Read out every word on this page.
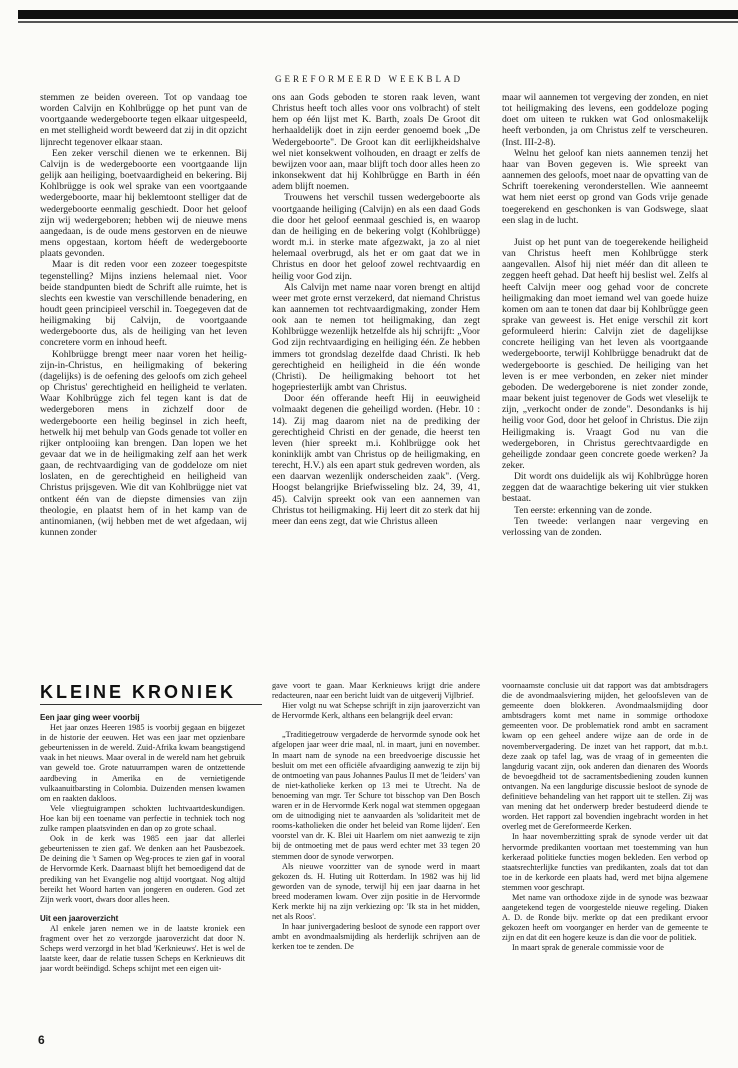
GEREFORMEERD WEEKBLAD

stemmen ze beiden overeen. Tot op vandaag toe worden Calvijn en Kohlbrügge op het punt van de voortgaande wedergeboorte tegen elkaar uitgespeeld, en met stelligheid wordt beweerd dat zij in dit opzicht lijnrecht tegenover elkaar staan.

Een zeker verschil dienen we te erkennen. Bij Calvijn is de wedergeboorte een voortgaande lijn gelijk aan heiliging, boetvaardigheid en bekering. Bij Kohlbrügge is ook wel sprake van een voortgaande wedergeboorte, maar hij beklemtoont stelliger dat de wedergeboorte eenmalig geschiedt. Door het geloof zijn wij wedergeboren; hebben wij de nieuwe mens aangedaan, is de oude mens gestorven en de nieuwe mens opgestaan, kortom héeft de wedergeboorte plaats gevonden.

Maar is dit reden voor een zozeer toegespitste tegenstelling? Mijns inziens helemaal niet. Voor beide standpunten biedt de Schrift alle ruimte, het is slechts een kwestie van verschillende benadering, en houdt geen principieel verschil in. Toegegeven dat de heiligmaking bij Calvijn, de voortgaande wedergeboorte dus, als de heiliging van het leven concretere vorm en inhoud heeft.

Kohlbrügge brengt meer naar voren het heilig-zijn-in-Christus, en heiligmaking of bekering (dagelijks) is de oefening des geloofs om zich geheel op Christus' gerechtigheid en heiligheid te verlaten. Waar Kohlbrügge zich fel tegen kant is dat de wedergeboren mens in zichzelf door de wedergeboorte een heilig beginsel in zich heeft, hetwelk hij met behulp van Gods genade tot voller en rijker ontplooiing kan brengen. Dan lopen we het gevaar dat we in de heiligmaking zelf aan het werk gaan, de rechtvaardiging van de goddeloze om niet loslaten, en de gerechtigheid en heiligheid van Christus prijsgeven. Wie dit van Kohlbrügge niet vat ontkent één van de diepste dimensies van zijn theologie, en plaatst hem of in het kamp van de antinomianen, (wij hebben met de wet afgedaan, wij kunnen zonder

ons aan Gods geboden te storen raak leven, want Christus heeft toch alles voor ons volbracht) of stelt hem op één lijst met K. Barth, zoals De Groot dit herhaaldelijk doet in zijn eerder genoemd boek „De Wedergeboorte". De Groot kan dit eerlijkheidshalve wel niet konsekwent volhouden, en draagt er zelfs de bewijzen voor aan, maar blijft toch door alles heen zo inkonsekwent dat hij Kohlbrügge en Barth in één adem blijft noemen.

Trouwens het verschil tussen wedergeboorte als voortgaande heiliging (Calvijn) en als een daad Gods die door het geloof eenmaal geschied is, en waarop dan de heiliging en de bekering volgt (Kohlbrügge) wordt m.i. in sterke mate afgezwakt, ja zo al niet helemaal overbrugd, als het er om gaat dat we in Christus en door het geloof zowel rechtvaardig en heilig voor God zijn.

Als Calvijn met name naar voren brengt en altijd weer met grote ernst verzekerd, dat niemand Christus kan aannemen tot rechtvaardigmaking, zonder Hem ook aan te nemen tot heiligmaking, dan zegt Kohlbrügge wezenlijk hetzelfde als hij schrijft: „Voor God zijn rechtvaardiging en heiliging één. Ze hebben immers tot grondslag dezelfde daad Christi. Ik heb gerechtigheid en heiligheid in die één wonde (Christi). De heiligmaking behoort tot het hogepriesterlijk ambt van Christus.

Door één offerande heeft Hij in eeuwigheid volmaakt degenen die geheiligd worden. (Hebr. 10 : 14). Zij mag daarom niet na de prediking der gerechtigheid Christi en der genade, die heerst ten leven (hier spreekt m.i. Kohlbrügge ook het koninklijk ambt van Christus op de heiligmaking, en terecht, H.V.) als een apart stuk gedreven worden, als een daarvan wezenlijk onderscheiden zaak". (Verg. Hoogst belangrijke Briefwisseling blz. 24, 39, 41, 45). Calvijn spreekt ook van een aannemen van Christus tot heiligmaking. Hij leert dit zo sterk dat hij meer dan eens zegt, dat wie Christus alleen

maar wil aannemen tot vergeving der zonden, en niet tot heiligmaking des levens, een goddeloze poging doet om uiteen te rukken wat God onlosmakelijk heeft verbonden, ja om Christus zelf te verscheuren. (Inst. III-2-8).

Welnu het geloof kan niets aannemen tenzij het haar van Boven gegeven is. Wie spreekt van aannemen des geloofs, moet naar de opvatting van de Schrift toerekening veronderstellen. Wie aanneemt wat hem niet eerst op grond van Gods vrije genade toegerekend en geschonken is van Godswege, slaat een slag in de lucht.

Juist op het punt van de toegerekende heiligheid van Christus heeft men Kohlbrügge sterk aangevallen. Alsof hij niet méér dan dit alleen te zeggen heeft gehad. Dat heeft hij beslist wel. Zelfs al heeft Calvijn meer oog gehad voor de concrete heiligmaking dan moet iemand wel van goede huize komen om aan te tonen dat daar bij Kohlbrügge geen sprake van geweest is. Het enige verschil zit kort geformuleerd hierin: Calvijn ziet de dagelijkse concrete heiliging van het leven als voortgaande wedergeboorte, terwijl Kohlbrügge benadrukt dat de wedergeboorte is geschied. De heiliging van het leven is er mee verbonden, en zeker niet minder geboden. De wedergeborene is niet zonder zonde, maar bekent juist tegenover de Gods wet vleselijk te zijn, „verkocht onder de zonde". Desondanks is hij heilig voor God, door het geloof in Christus. Die zijn Heiligmaking is. Vraagt God nu van die wedergeboren, in Christus gerechtvaardigde en geheiligde zondaar geen concrete goede werken? Ja zeker.

Dit wordt ons duidelijk als wij Kohlbrügge horen zeggen dat de waarachtige bekering uit vier stukken bestaat.

Ten eerste: erkenning van de zonde.

Ten tweede: verlangen naar vergeving en verlossing van de zonden.

KLEINE KRONIEK

Een jaar ging weer voorbij

Het jaar onzes Heeren 1985 is voorbij gegaan en bijgezet in de historie der eeuwen. Het was een jaar met opzienbare gebeurtenissen in de wereld. Zuid-Afrika kwam beangstigend vaak in het nieuws. Maar overal in de wereld nam het gebruik van geweld toe. Grote natuurrampen waren de ontzettende aardbeving in Amerika en de vernietigende vulkaanuitbarsting in Colombia. Duizenden mensen kwamen om en raakten dakloos.

Vele vliegtuigrampen schokten luchtvaartdeskundigen. Hoe kan bij een toename van perfectie in techniek toch nog zulke rampen plaatsvinden en dan op zo grote schaal.

Ook in de kerk was 1985 een jaar dat allerlei gebeurtenissen te zien gaf. We denken aan het Pausbezoek. De deining die 't Samen op Weg-proces te zien gaf in vooral de Hervormde Kerk. Daarnaast blijft het bemoedigend dat de prediking van het Evangelie nog altijd voortgaat. Nog altijd bereikt het Woord harten van jongeren en ouderen. God zet Zijn werk voort, dwars door alles heen.

Uit een jaaroverzicht

Al enkele jaren nemen we in de laatste kroniek een fragment over het zo verzorgde jaaroverzicht dat door N. Scheps werd verzorgd in het blad 'Kerknieuws'. Het is wel de laatste keer, daar de relatie tussen Scheps en Kerknieuws dit jaar wordt beëindigd. Scheps schijnt met een eigen uit-

gave voort te gaan. Maar Kerknieuws krijgt drie andere redacteuren, naar een bericht luidt van de uitgeverij Vijlbrief.

Hier volgt nu wat Schepse schrijft in zijn jaaroverzicht van de Hervormde Kerk, althans een belangrijk deel ervan:

„Traditiegetrouw vergaderde de hervormde synode ook het afgelopen jaar weer drie maal, nl. in maart, juni en november. In maart nam de synode na een breedvoerige discussie het besluit om met een officiële afvaardiging aanwezig te zijn bij de ontmoeting van paus Johannes Paulus II met de 'leiders' van de niet-katholieke kerken op 13 mei te Utrecht. Na de benoeming van mgr. Ter Schure tot bisschop van Den Bosch waren er in de Hervormde Kerk nogal wat stemmen opgegaan om de uitnodiging niet te aanvaarden als 'solidariteit met de rooms-katholieken die onder het beleid van Rome lijden'. Een voorstel van dr. K. Blei uit Haarlem om niet aanwezig te zijn bij de ontmoeting met de paus werd echter met 33 tegen 20 stemmen door de synode verworpen.

Als nieuwe voorzitter van de synode werd in maart gekozen ds. H. Huting uit Rotterdam. In 1982 was hij lid geworden van de synode, terwijl hij een jaar daarna in het breed moderamen kwam. Over zijn positie in de Hervormde Kerk merkte hij na zijn verkiezing op: 'Ik sta in het midden, net als Roos'.

In haar junivergadering besloot de synode een rapport over ambt en avondmaalsmijding als herderlijk schrijven aan de kerken toe te zenden. De

voornaamste conclusie uit dat rapport was dat ambtsdragers die de avondmaalsviering mijden, het geloofsleven van de gemeente doen blokkeren. Avondmaalsmijding door ambtsdragers komt met name in sommige orthodoxe gemeenten voor. De problematiek rond ambt en sacrament kwam op een geheel andere wijze aan de orde in de novembervergadering. De inzet van het rapport, dat m.b.t. deze zaak op tafel lag, was de vraag of in gemeenten die langdurig vacant zijn, ook anderen dan dienaren des Woords de bevoegdheid tot de sacramentsbediening zouden kunnen ontvangen. Na een langdurige discussie besloot de synode de definitieve behandeling van het rapport uit te stellen. Zij was van mening dat het onderwerp breder bestudeerd diende te worden. Het rapport zal bovendien ingebracht worden in het overleg met de Gereformeerde Kerken.

In haar novemberzitting sprak de synode verder uit dat hervormde predikanten voortaan met toestemming van hun kerkeraad politieke functies mogen bekleden. Een verbod op staatsrechterlijke functies van predikanten, zoals dat tot dan toe in de kerkorde een plaats had, werd met bijna algemene stemmen voor geschrapt.

Met name van orthodoxe zijde in de synode was bezwaar aangetekend tegen de voorgestelde nieuwe regeling. Diaken A. D. de Ronde bijv. merkte op dat een predikant ervoor gekozen heeft om voorganger en herder van de gemeente te zijn en dat dit een hogere keuze is dan die voor de politiek.

In maart sprak de generale commissie voor de

6
